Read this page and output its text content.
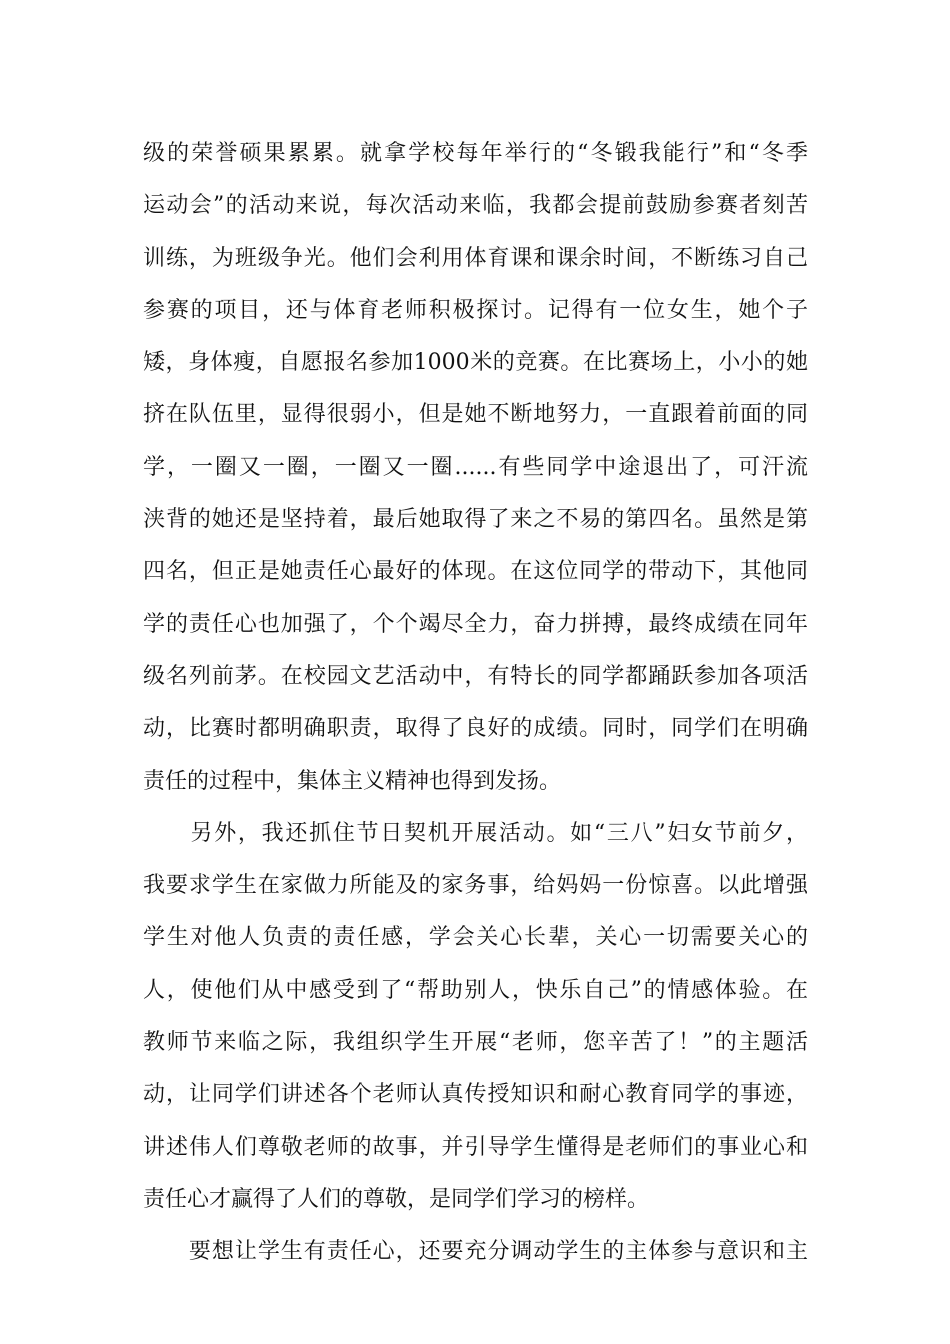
级的荣誉硕果累累。就拿学校每年举行的“冬锻我能行”和“冬季
运动会”的活动来说，每次活动来临，我都会提前鼓励参赛者刻苦
训练，为班级争光。他们会利用体育课和课余时间，不断练习自己
参赛的项目，还与体育老师积极探讨。记得有一位女生，她个子
矮，身体瘦，自愿报名参加1000米的竞赛。在比赛场上，小小的她
挤在队伍里，显得很弱小，但是她不断地努力，一直跟着前面的同
学，一圈又一圈，一圈又一圈......有些同学中途退出了，可汗流
浃背的她还是坚持着，最后她取得了来之不易的第四名。虽然是第
四名，但正是她责任心最好的体现。在这位同学的带动下，其他同
学的责任心也加强了，个个竭尽全力，奋力拼搏，最终成绩在同年
级名列前茅。在校园文艺活动中，有特长的同学都踊跃参加各项活
动，比赛时都明确职责，取得了良好的成绩。同时，同学们在明确
责任的过程中，集体主义精神也得到发扬。
　　另外，我还抓住节日契机开展活动。如“三八”妇女节前夕，
我要求学生在家做力所能及的家务事，给妈妈一份惊喜。以此增强
学生对他人负责的责任感，学会关心长辈，关心一切需要关心的
人，使他们从中感受到了“帮助别人，快乐自己”的情感体验。在
教师节来临之际，我组织学生开展“老师，您辛苦了！”的主题活
动，让同学们讲述各个老师认真传授知识和耐心教育同学的事迹，
讲述伟人们尊敬老师的故事，并引导学生懂得是老师们的事业心和
责任心才赢得了人们的尊敬，是同学们学习的榜样。
　　要想让学生有责任心，还要充分调动学生的主体参与意识和主
